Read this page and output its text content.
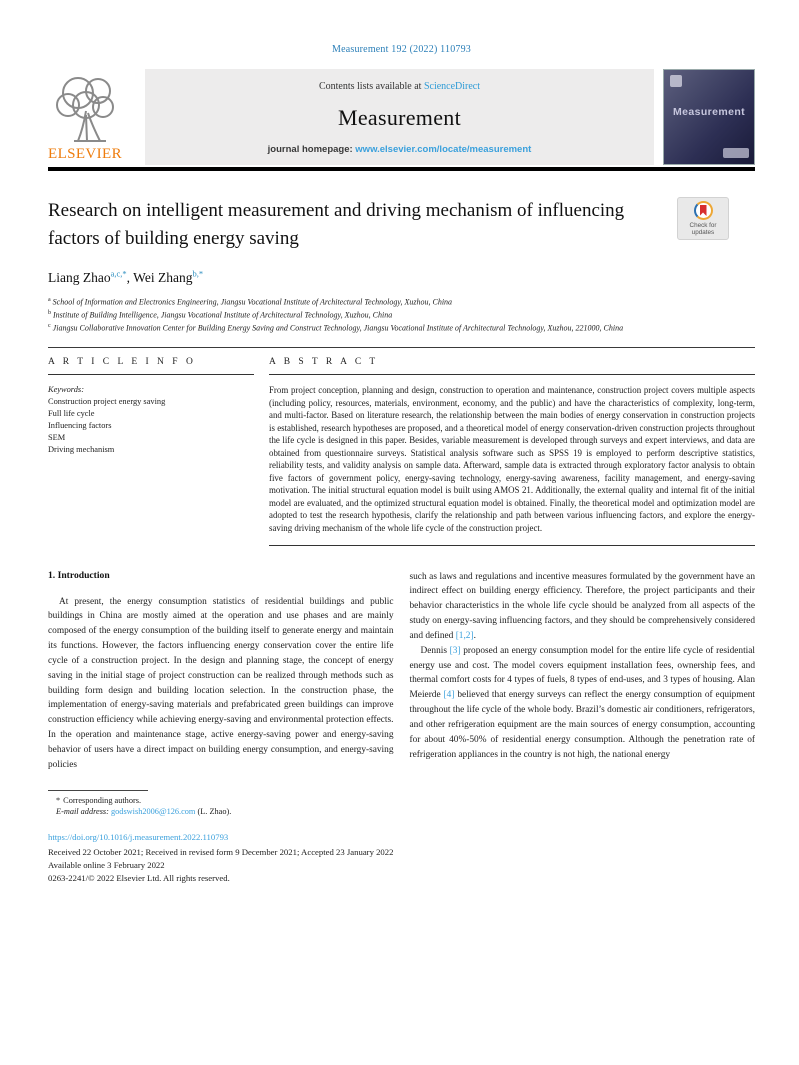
Measurement 192 (2022) 110793
ELSEVIER
Contents lists available at ScienceDirect
Measurement
journal homepage: www.elsevier.com/locate/measurement
Measurement
Research on intelligent measurement and driving mechanism of influencing factors of building energy saving
Check for
updates
Liang Zhao$^{a,c,*}$, Wei Zhang$^{b,*}$
$^a$ School of Information and Electronics Engineering, Jiangsu Vocational Institute of Architectural Technology, Xuzhou, China
$^b$ Institute of Building Intelligence, Jiangsu Vocational Institute of Architectural Technology, Xuzhou, China
$^c$ Jiangsu Collaborative Innovation Center for Building Energy Saving and Construct Technology, Jiangsu Vocational Institute of Architectural Technology, Xuzhou, 221000, China
A R T I C L E I N F O
Keywords:
Construction project energy saving
Full life cycle
Influencing factors
SEM
Driving mechanism
A B S T R A C T
From project conception, planning and design, construction to operation and maintenance, construction project covers multiple aspects (including policy, resources, materials, environment, economy, and the public) and have the characteristics of complexity, long-term, and multi-factor. Based on literature research, the relationship between the main bodies of energy conservation in construction projects is established, research hypotheses are proposed, and a theoretical model of energy conservation-driven construction projects throughout the life cycle is designed in this paper. Besides, variable measurement is developed through surveys and expert interviews, and data are obtained from questionnaire surveys. Statistical analysis software such as SPSS 19 is employed to perform descriptive statistics, reliability tests, and validity analysis on sample data. Afterward, sample data is extracted through exploratory factor analysis to obtain five factors of government policy, energy-saving technology, energy-saving awareness, facility management, and energy-saving motivation. The initial structural equation model is built using AMOS 21. Additionally, the external quality and internal fit of the initial model are evaluated, and the optimized structural equation model is obtained. Finally, the theoretical model and optimization model are adopted to test the research hypothesis, clarify the relationship and path between various influencing factors, and explore the energy-saving driving mechanism of the whole life cycle of the construction project.
1. Introduction

At present, the energy consumption statistics of residential buildings and public buildings in China are mostly aimed at the operation and use phases and are mainly composed of the energy consumption of the building itself to generate energy and maintain its functions. However, the factors influencing energy conservation cover the entire life cycle of a construction project. In the design and planning stage, the concept of energy saving in the initial stage of project construction can be realized through methods such as building form design and building location selection. In the construction phase, the implementation of energy-saving materials and prefabricated green buildings can improve construction efficiency while achieving energy-saving and environmental protection effects. In the operation and maintenance stage, active energy-saving power and energy-saving behavior of users have a direct impact on building energy consumption, and energy-saving policies

such as laws and regulations and incentive measures formulated by the government have an indirect effect on building energy efficiency. Therefore, the project participants and their behavior characteristics in the whole life cycle should be analyzed from all aspects of the study on energy-saving influencing factors, and they should be comprehensively considered and defined [1,2].

Dennis [3] proposed an energy consumption model for the entire life cycle of residential energy use and cost. The model covers equipment installation fees, ownership fees, and thermal comfort costs for 4 types of fuels, 8 types of end-uses, and 3 types of housing. Alan Meierde [4] believed that energy surveys can reflect the energy consumption of equipment throughout the life cycle of the whole body. Brazil’s domestic air conditioners, refrigerators, and other refrigeration equipment are the main sources of energy consumption, accounting for about 40%-50% of residential energy consumption. Although the penetration rate of refrigeration appliances in the country is not high, the national energy

* Corresponding authors.
E-mail address: godswish2006@126.com (L. Zhao).
https://doi.org/10.1016/j.measurement.2022.110793
Received 22 October 2021; Received in revised form 9 December 2021; Accepted 23 January 2022
Available online 3 February 2022
0263-2241/© 2022 Elsevier Ltd. All rights reserved.
